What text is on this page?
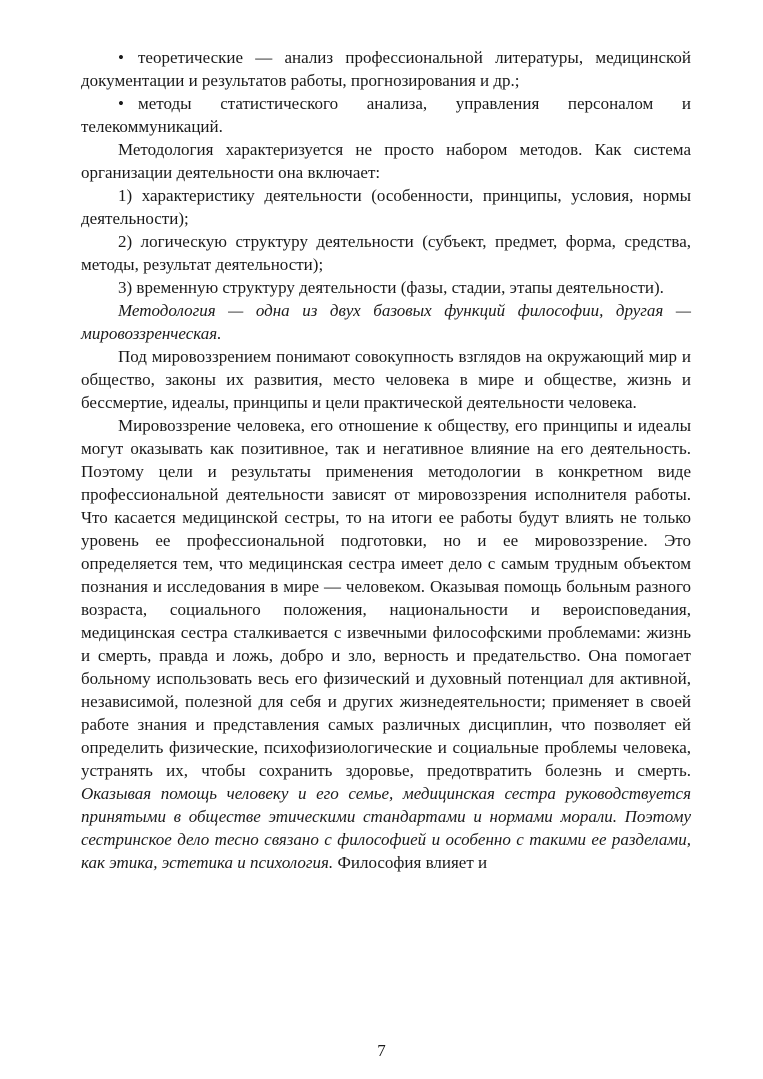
• теоретические — анализ профессиональной литературы, медицинской документации и результатов работы, прогнозирования и др.;

• методы статистического анализа, управления персоналом и телекоммуникаций.

Методология характеризуется не просто набором методов. Как система организации деятельности она включает:

1) характеристику деятельности (особенности, принципы, условия, нормы деятельности);

2) логическую структуру деятельности (субъект, предмет, форма, средства, методы, результат деятельности);

3) временную структуру деятельности (фазы, стадии, этапы деятельности).

Методология — одна из двух базовых функций философии, другая — мировоззренческая.

Под мировоззрением понимают совокупность взглядов на окружающий мир и общество, законы их развития, место человека в мире и обществе, жизнь и бессмертие, идеалы, принципы и цели практической деятельности человека.

Мировоззрение человека, его отношение к обществу, его принципы и идеалы могут оказывать как позитивное, так и негативное влияние на его деятельность. Поэтому цели и результаты применения методологии в конкретном виде профессиональной деятельности зависят от мировоззрения исполнителя работы. Что касается медицинской сестры, то на итоги ее работы будут влиять не только уровень ее профессиональной подготовки, но и ее мировоззрение. Это определяется тем, что медицинская сестра имеет дело с самым трудным объектом познания и исследования в мире — человеком. Оказывая помощь больным разного возраста, социального положения, национальности и вероисповедания, медицинская сестра сталкивается с извечными философскими проблемами: жизнь и смерть, правда и ложь, добро и зло, верность и предательство. Она помогает больному использовать весь его физический и духовный потенциал для активной, независимой, полезной для себя и других жизнедеятельности; применяет в своей работе знания и представления самых различных дисциплин, что позволяет ей определить физические, психофизиологические и социальные проблемы человека, устранять их, чтобы сохранить здоровье, предотвратить болезнь и смерть. Оказывая помощь человеку и его семье, медицинская сестра руководствуется принятыми в обществе этическими стандартами и нормами морали. Поэтому сестринское дело тесно связано с философией и особенно с такими ее разделами, как этика, эстетика и психология. Философия влияет и

7
